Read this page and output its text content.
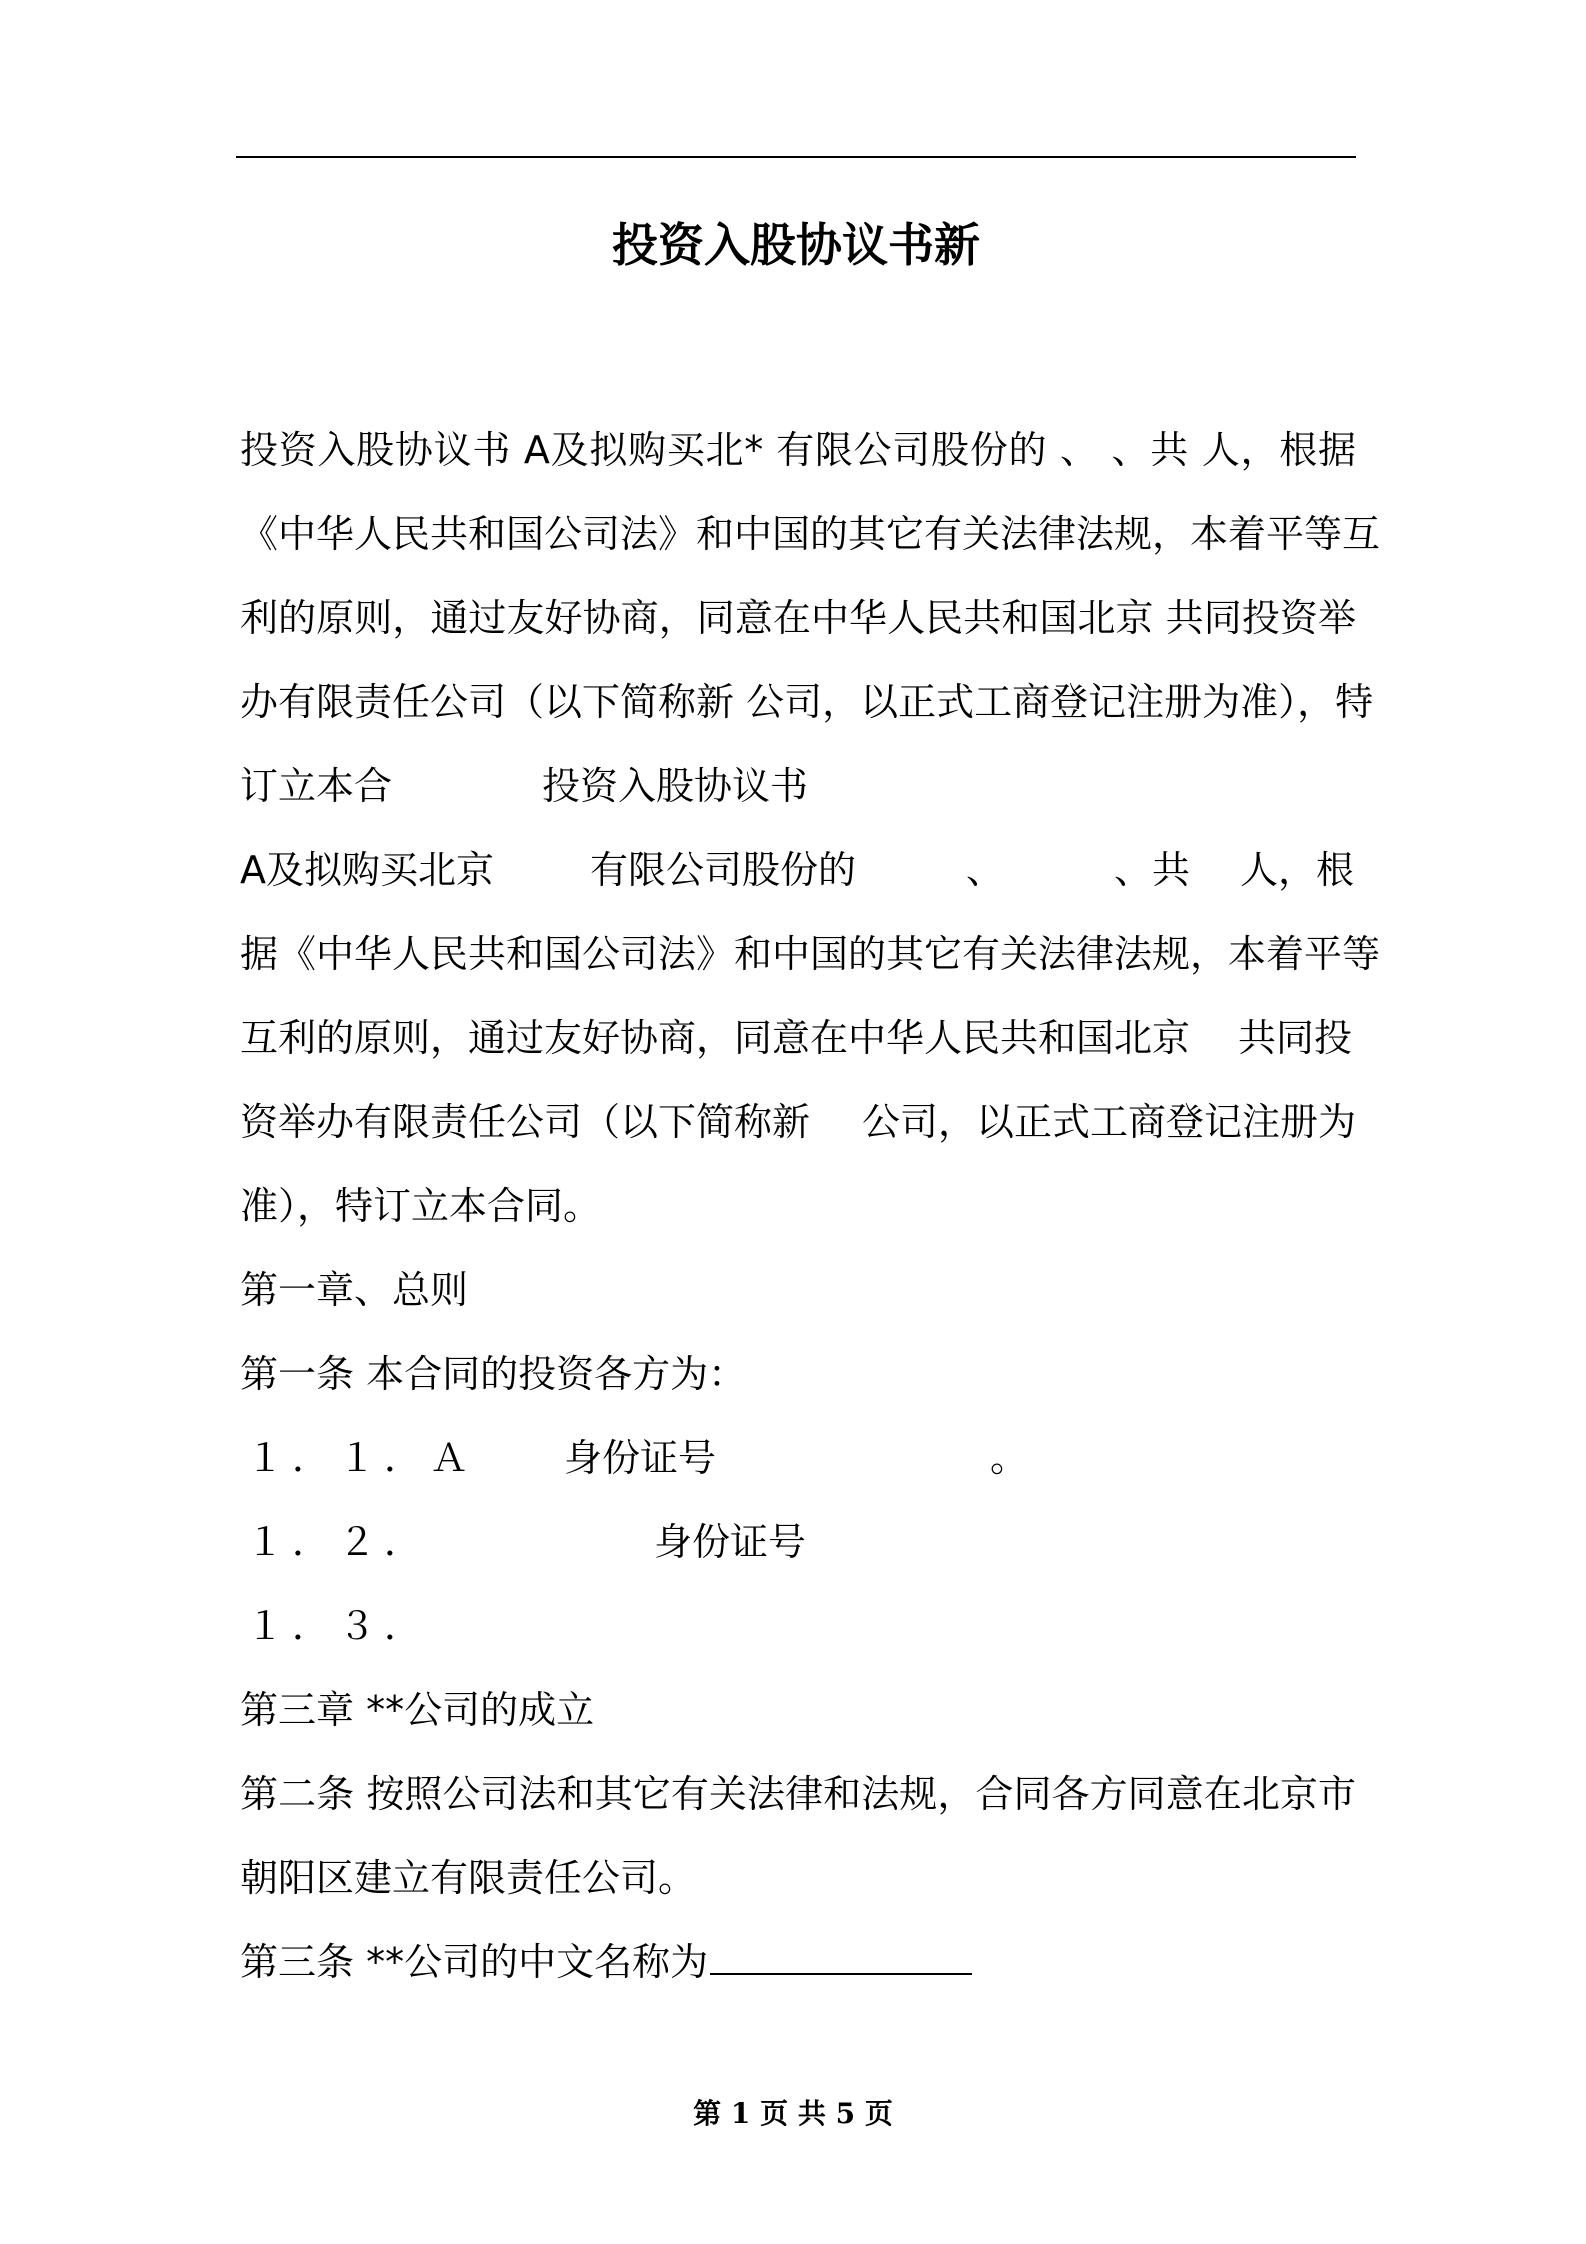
投资入股协议书新
投资入股协议书 A及拟购买北* 有限公司股份的 、 、共 人，根据
《中华人民共和国公司法》和中国的其它有关法律法规，本着平等互
利的原则，通过友好协商，同意在中华人民共和国北京 共同投资举
办有限责任公司（以下简称新 公司，以正式工商登记注册为准），特
订立本合	投资入股协议书
A及拟购买北京	有限公司股份的	、	、共 人，根
据《中华人民共和国公司法》和中国的其它有关法律法规，本着平等
互利的原则，通过友好协商，同意在中华人民共和国北京 共同投
资举办有限责任公司（以下简称新 公司，以正式工商登记注册为
准），特订立本合同。
第一章、总则
第一条 本合同的投资各方为：
１．１．Ａ 身份证号	。
１．２．	身份证号
１．３．
第三章 **公司的成立
第二条 按照公司法和其它有关法律和法规，合同各方同意在北京市
朝阳区建立有限责任公司。
第三条 **公司的中文名称为
第 1 页 共 5 页
